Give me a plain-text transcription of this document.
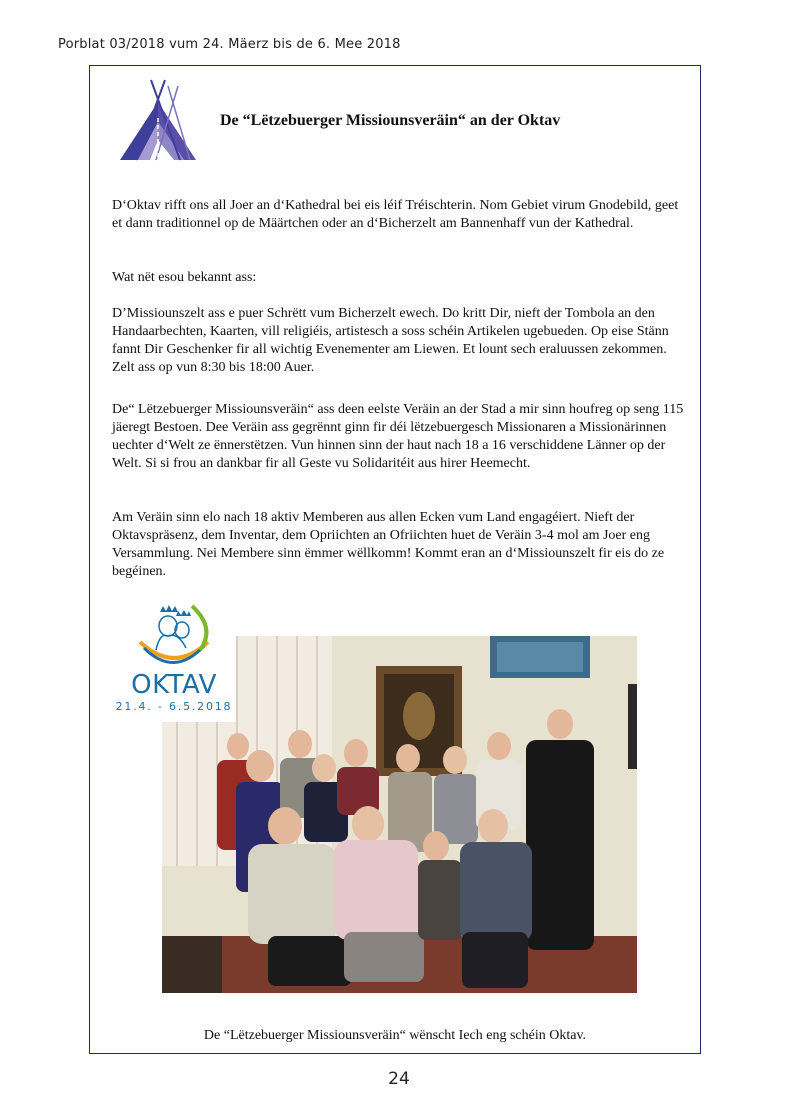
Porblat 03/2018 vum 24. Mäerz bis de 6. Mee 2018
De “Lëtzebuerger Missiounsveräin“ an der Oktav

D‘Oktav rifft ons all Joer an d‘Kathedral bei eis léif Tréischterin. Nom Gebiet virum Gnodebild, geet et dann traditionnel op de Määrtchen oder an d‘Bicherzelt am Bannenhaff vun der Kathedral.

Wat nët esou bekannt ass:

D’Missiounszelt ass e puer Schrëtt vum Bicherzelt ewech. Do kritt Dir, nieft der Tombola an den Handaarbechten, Kaarten, vill religiéis, artistesch a soss schéin Artikelen ugebueden. Op eise Stänn fannt Dir Geschenker fir all wichtig Evenementer am Liewen. Et lount sech eraluussen zekommen. Zelt ass op vun 8:30 bis 18:00 Auer.

De“ Lëtzebuerger Missiounsveräin“ ass deen eelste Veräin an der Stad a mir sinn houfreg op seng 115 jäeregt Bestoen. Dee Veräin ass gegrënnt ginn fir déi lëtzebuergesch Missionaren a Missionärinnen uechter d‘Welt ze ënnerstëtzen. Vun hinnen sinn der haut nach 18 a 16 verschiddene Länner op der Welt. Si si frou an dankbar fir all Geste vu Solidaritéit aus hirer Heemecht.

Am Veräin sinn elo nach 18 aktiv Memberen aus allen Ecken vum Land engagéiert. Nieft der Oktavspräsenz, dem Inventar, dem Opriichten an Ofriichten huet de Veräin 3-4 mol am Joer eng Versammlung. Nei Membere sinn ëmmer wëllkomm! Kommt eran an d‘Missiounszelt fir eis do ze begéinen.

OKTAV
21.4. - 6.5.2018
De “Lëtzebuerger Missiounsveräin“ wënscht Iech eng schéin Oktav.
24
